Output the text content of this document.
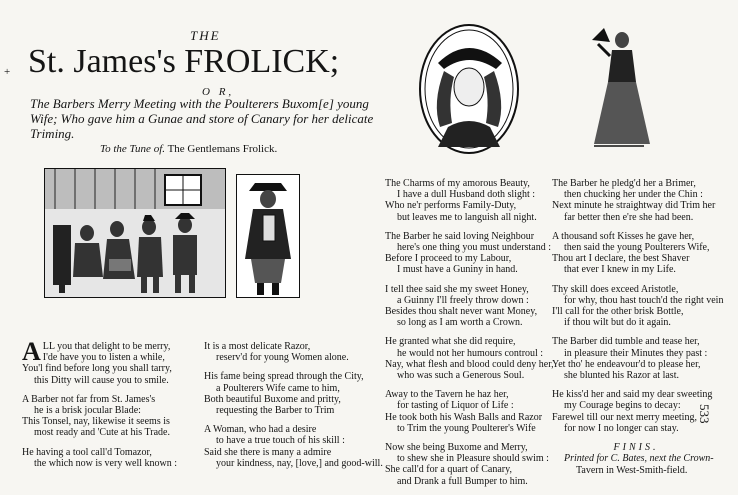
+
THE
St. James's FROLICK;
O R,
The Barbers Merry Meeting with the Poulterers Buxom[e] young Wife; Who gave him a Gunae and store of Canary for her delicate Triming.
To the Tune of. The Gentlemans Frolick.

A LL you that delight to be merry,
I'de have you to listen a while,
You'l find before long you shall tarry,
this Ditty will cause you to smile.

A Barber not far from St. James's
he is a brisk jocular Blade:
This Tonsel, nay, likewise it seems is
most ready and 'Cute at his Trade.

He having a tool call'd Tomazor,
the which now is very well known :

It is a most delicate Razor,
reserv'd for young Women alone.

His fame being spread through the City,
a Poulterers Wife came to him,
Both beautiful Buxome and pritty,
requesting the Barber to Trim

A Woman, who had a desire
to have a true touch of his skill :
Said she there is many a admire
your kindness, nay, [love,] and good-will.

The Charms of my amorous Beauty,
I have a dull Husband doth slight :
Who ne'r performs Family-Duty,
but leaves me to languish all night.

The Barber he said loving Neighbour
here's one thing you must understand :
Before I proceed to my Labour,
I must have a Guniny in hand.

I tell thee said she my sweet Honey,
a Guinny I'll freely throw down :
Besides thou shalt never want Money,
so long as I am worth a Crown.

He granted what she did require,
he would not her humours controul :
Nay, what flesh and blood could deny her,
who was such a Generous Soul.

Away to the Tavern he haz her,
for tasting of Liquor of Life :
He took both his Wash Balls and Razor
to Trim the young Poulterer's Wife

Now she being Buxome and Merry,
to shew she in Pleasure should swim :
She call'd for a quart of Canary,
and Drank a full Bumper to him.

The Barber he pledg'd her a Brimer,
then chucking her under the Chin :
Next minute he straightway did Trim her
far better then e're she had been.

A thousand soft Kisses he gave her,
then said the young Poulterers Wife,
Thou art I declare, the best Shaver
that ever I knew in my Life.

Thy skill does exceed Aristotle,
for why, thou hast touch'd the right vein
I'll call for the other brisk Bottle,
if thou wilt but do it again.

The Barber did tumble and tease her,
in pleasure their Minutes they past :
Yet tho' he endeavour'd to please her,
she blunted his Razor at last.

He kiss'd her and said my dear sweeting
my Courage begins to decay:
Farewel till our next merry meeting,
for now I no longer can stay.

FINIS.
Printed for C. Bates, next the Crown-
Tavern in West-Smith-field.
533
